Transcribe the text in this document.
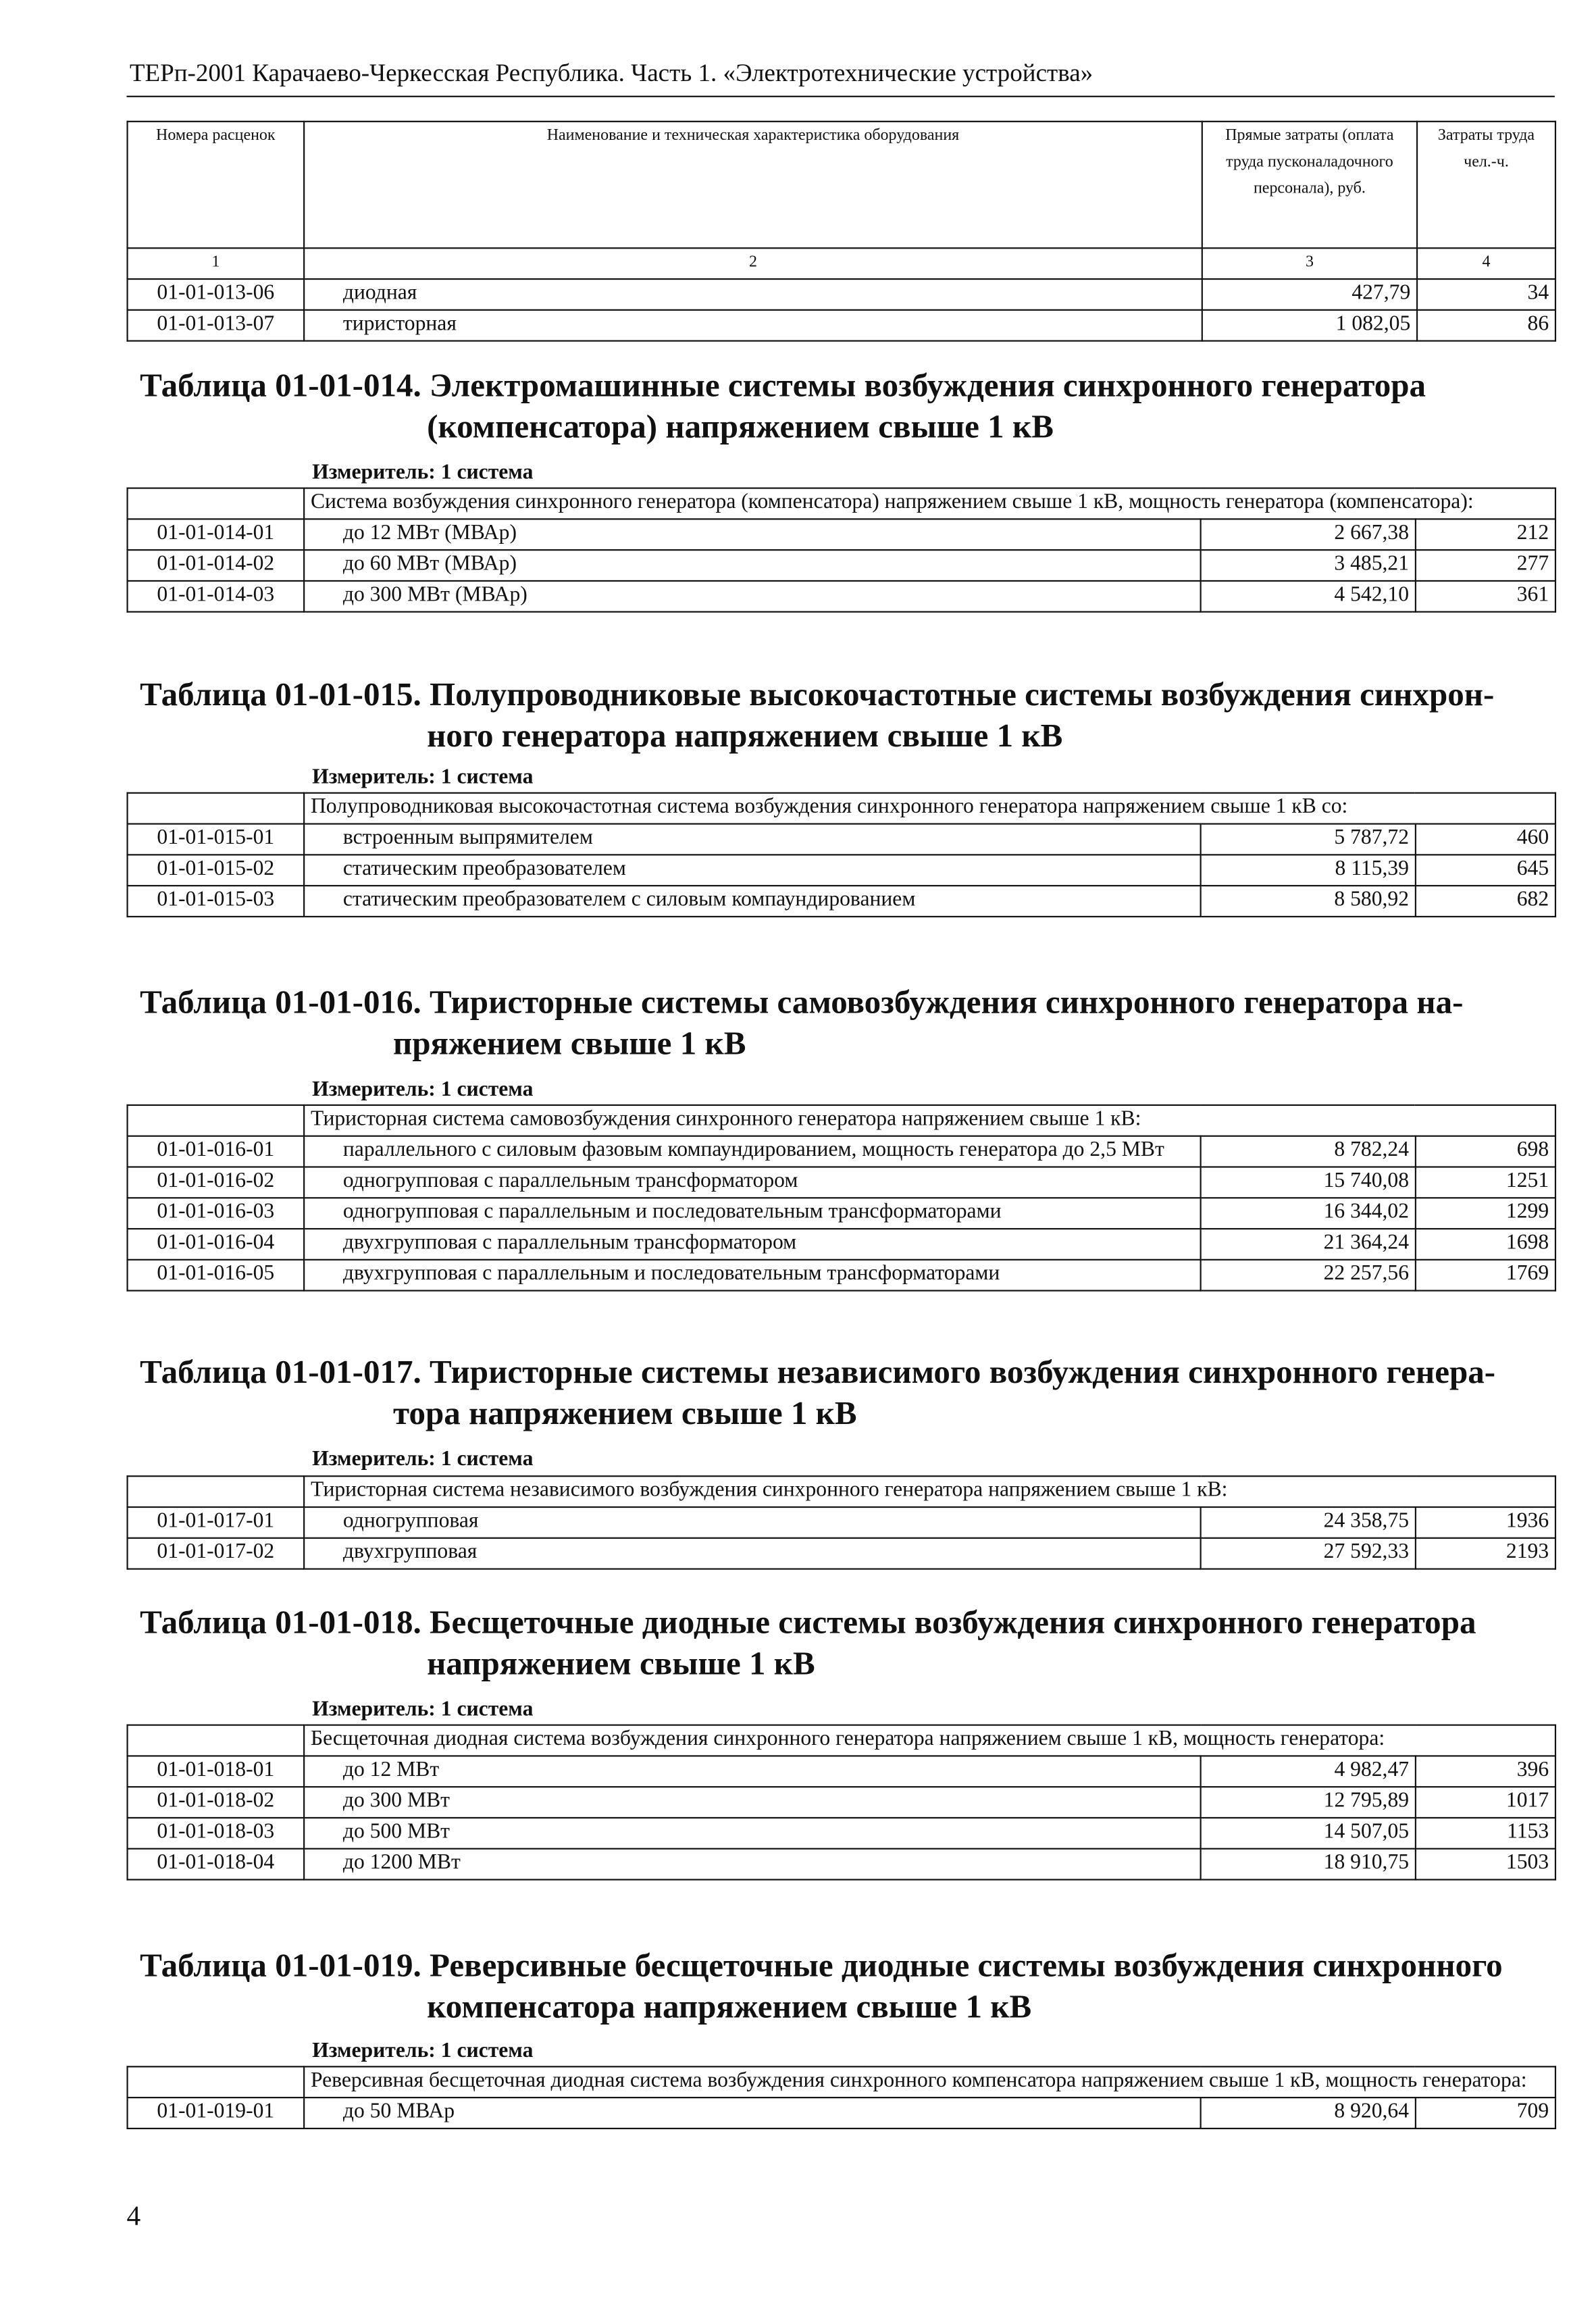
ТЕРп-2001 Карачаево-Черкесская Республика. Часть 1. «Электротехнические устройства»
Номера расценок	Наименование и техническая характеристика оборудования	Прямые затраты (оплата труда пусконаладочного персонала), руб.	Затраты труда чел.-ч.
1	2	3	4
01-01-013-06	диодная	427,79	34
01-01-013-07	тиристорная	1 082,05	86
Таблица 01-01-014. Электромашинные системы возбуждения синхронного генератора
(компенсатора) напряжением свыше 1 кВ
Измеритель: 1 система
	Система возбуждения синхронного генератора (компенсатора) напряжением свыше 1 кВ, мощность генератора (компенсатора):		
01-01-014-01	до 12 МВт (МВАр)	2 667,38	212
01-01-014-02	до 60 МВт (МВАр)	3 485,21	277
01-01-014-03	до 300 МВт (МВАр)	4 542,10	361
Таблица 01-01-015. Полупроводниковые высокочастотные системы возбуждения синхрон-
ного генератора напряжением свыше 1 кВ
Измеритель: 1 система
	Полупроводниковая высокочастотная система возбуждения синхронного генератора напряжением свыше 1 кВ со:		
01-01-015-01	встроенным выпрямителем	5 787,72	460
01-01-015-02	статическим преобразователем	8 115,39	645
01-01-015-03	статическим преобразователем с силовым компаундированием	8 580,92	682
Таблица 01-01-016. Тиристорные системы самовозбуждения синхронного генератора на-
пряжением свыше 1 кВ
Измеритель: 1 система
	Тиристорная система самовозбуждения синхронного генератора напряжением свыше 1 кВ:		
01-01-016-01	параллельного с силовым фазовым компаундированием, мощность генератора до 2,5 МВт	8 782,24	698
01-01-016-02	одногрупповая с параллельным трансформатором	15 740,08	1251
01-01-016-03	одногрупповая с параллельным и последовательным трансформаторами	16 344,02	1299
01-01-016-04	двухгрупповая с параллельным трансформатором	21 364,24	1698
01-01-016-05	двухгрупповая с параллельным и последовательным трансформаторами	22 257,56	1769
Таблица 01-01-017. Тиристорные системы независимого возбуждения синхронного генера-
тора напряжением свыше 1 кВ
Измеритель: 1 система
	Тиристорная система независимого возбуждения синхронного генератора напряжением свыше 1 кВ:		
01-01-017-01	одногрупповая	24 358,75	1936
01-01-017-02	двухгрупповая	27 592,33	2193
Таблица 01-01-018. Бесщеточные диодные системы возбуждения синхронного генератора
напряжением свыше 1 кВ
Измеритель: 1 система
	Бесщеточная диодная система возбуждения синхронного генератора напряжением свыше 1 кВ, мощность генератора:		
01-01-018-01	до 12 МВт	4 982,47	396
01-01-018-02	до 300 МВт	12 795,89	1017
01-01-018-03	до 500 МВт	14 507,05	1153
01-01-018-04	до 1200 МВт	18 910,75	1503
Таблица 01-01-019. Реверсивные бесщеточные диодные системы возбуждения синхронного
компенсатора напряжением свыше 1 кВ
Измеритель: 1 система
	Реверсивная бесщеточная диодная система возбуждения синхронного компенсатора напряжением свыше 1 кВ, мощность генератора:		
01-01-019-01	до 50 МВАр	8 920,64	709
4
